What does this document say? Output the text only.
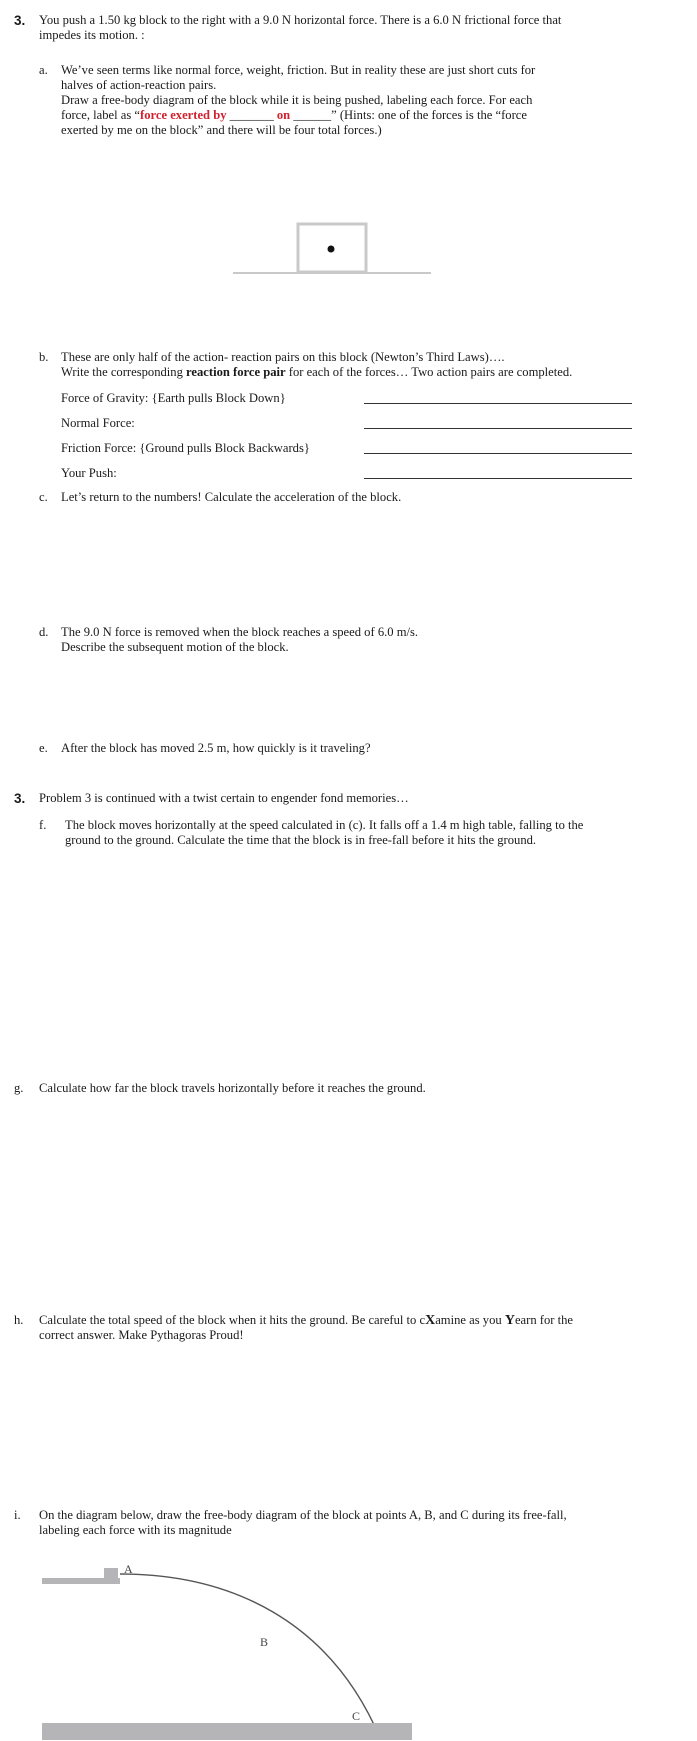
3. You push a 1.50 kg block to the right with a 9.0 N horizontal force. There is a 6.0 N frictional force that
impedes its motion. :
a.	We’ve seen terms like normal force, weight, friction. But in reality these are just short cuts for
halves of action-reaction pairs.
Draw a free-body diagram of the block while it is being pushed, labeling each force. For each
force, label as “force exerted by _______ on ______” (Hints: one of the forces is the “force
exerted by me on the block” and there will be four total forces.)
b. These are only half of the action- reaction pairs on this block (Newton’s Third Laws)….
Write the corresponding reaction force pair for each of the forces… Two action pairs are completed.
Force of Gravity: {Earth pulls Block Down}
Normal Force:
Friction Force: {Ground pulls Block Backwards}
Your Push:
c.	Let’s return to the numbers! Calculate the acceleration of the block.
d. The 9.0 N force is removed when the block reaches a speed of 6.0 m/s.
Describe the subsequent motion of the block.
e.	After the block has moved 2.5 m, how quickly is it traveling?
3. Problem 3 is continued with a twist certain to engender fond memories…
f.	The block moves horizontally at the speed calculated in (c). It falls off a 1.4 m high table, falling to the
ground to the ground. Calculate the time that the block is in free-fall before it hits the ground.
g.	Calculate how far the block travels horizontally before it reaches the ground.
h.	Calculate the total speed of the block when it hits the ground. Be careful to cXamine as you Yearn for the
correct answer. Make Pythagoras Proud!
i.	On the diagram below, draw the free-body diagram of the block at points A, B, and C during its free-fall,
labeling each force with its magnitude
A
B
C
